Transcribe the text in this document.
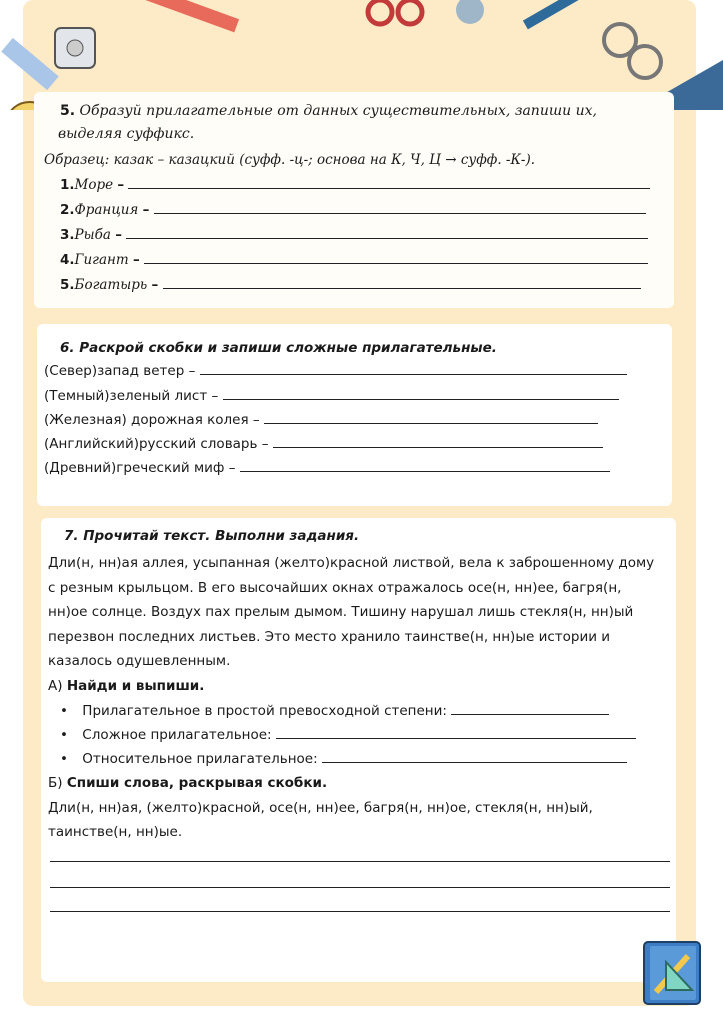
5. Образуй прилагательные от данных существительных, запиши их,
выделяя суффикс.
Образец: казак – казацкий (суфф. -ц-; основа на К, Ч, Ц → суфф. -К-).
1.Море –
2.Франция –
3.Рыба –
4.Гигант –
5.Богатырь –
6. Раскрой скобки и запиши сложные прилагательные.
(Север)запад ветер –
(Темный)зеленый лист –
(Железная) дорожная колея –
(Английский)русский словарь –
(Древний)греческий миф –
7. Прочитай текст. Выполни задания.
Дли(н, нн)ая аллея, усыпанная (желто)красной листвой, вела к заброшенному дому
с резным крыльцом. В его высочайших окнах отражалось осе(н, нн)ее, багря(н,
нн)ое солнце. Воздух пах прелым дымом. Тишину нарушал лишь стекля(н, нн)ый
перезвон последних листьев. Это место хранило таинстве(н, нн)ые истории и
казалось одушевленным.
А) Найди и выпиши.
• Прилагательное в простой превосходной степени:
• Сложное прилагательное:
• Относительное прилагательное:
Б) Спиши слова, раскрывая скобки.
Дли(н, нн)ая, (желто)красной, осе(н, нн)ее, багря(н, нн)ое, стекля(н, нн)ый,
таинстве(н, нн)ые.
